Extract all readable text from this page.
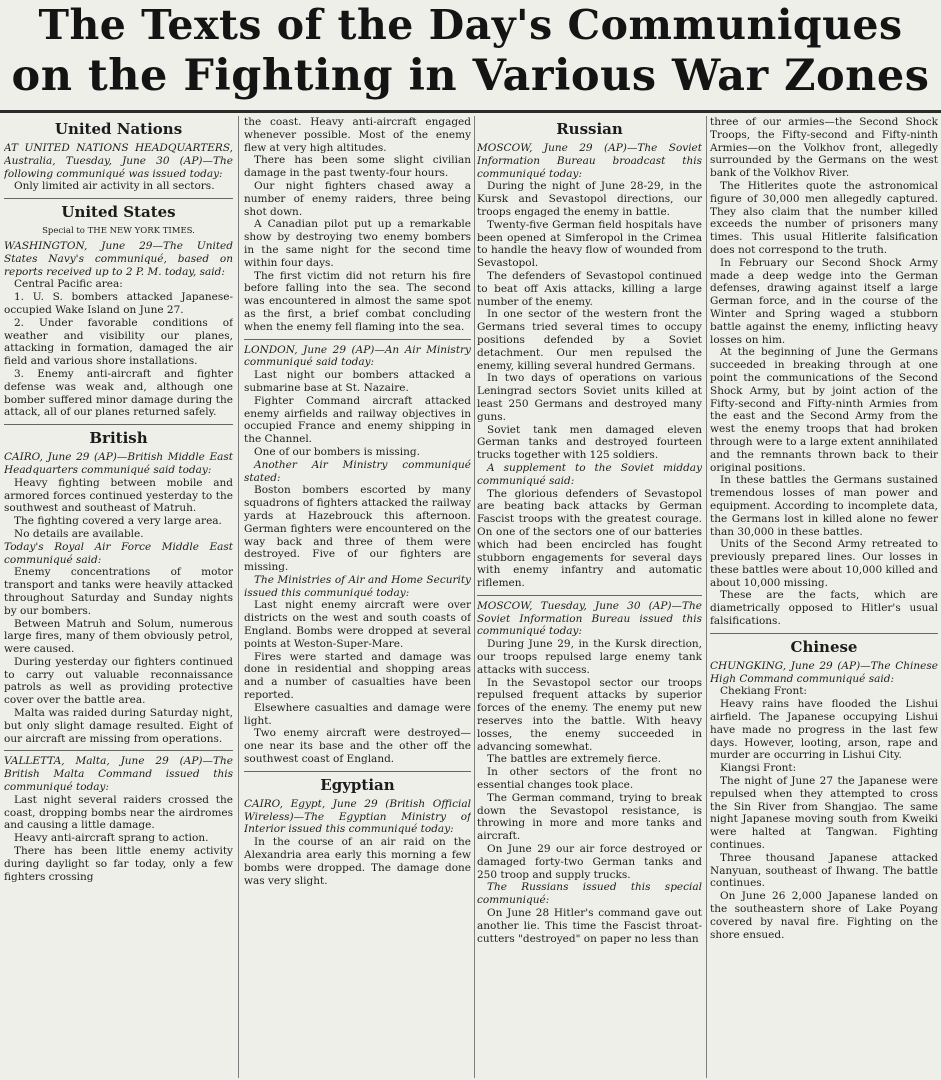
The Texts of the Day's Communiques
on the Fighting in Various War Zones
United Nations

AT UNITED NATIONS HEADQUARTERS, Australia, Tuesday, June 30 (AP)—The following communiqué was issued today:

Only limited air activity in all sectors.

United States
Special to THE NEW YORK TIMES.

WASHINGTON, June 29—The United States Navy's communiqué, based on reports received up to 2 P. M. today, said:

Central Pacific area:

1. U. S. bombers attacked Japanese-occupied Wake Island on June 27.

2. Under favorable conditions of weather and visibility our planes, attacking in formation, damaged the air field and various shore installations.

3. Enemy anti-aircraft and fighter defense was weak and, although one bomber suffered minor damage during the attack, all of our planes returned safely.

British

CAIRO, June 29 (AP)—British Middle East Headquarters communiqué said today:

Heavy fighting between mobile and armored forces continued yesterday to the southwest and southeast of Matruh.

The fighting covered a very large area.

No details are available.

Today's Royal Air Force Middle East communiqué said:

Enemy concentrations of motor transport and tanks were heavily attacked throughout Saturday and Sunday nights by our bombers.

Between Matruh and Solum, numerous large fires, many of them obviously petrol, were caused.

During yesterday our fighters continued to carry out valuable reconnaissance patrols as well as providing protective cover over the battle area.

Malta was raided during Saturday night, but only slight damage resulted. Eight of our aircraft are missing from operations.

VALLETTA, Malta, June 29 (AP)—The British Malta Command issued this communiqué today:

Last night several raiders crossed the coast, dropping bombs near the airdromes and causing a little damage.

Heavy anti-aircraft sprang to action.

There has been little enemy activity during daylight so far today, only a few fighters crossing

the coast. Heavy anti-aircraft engaged whenever possible. Most of the enemy flew at very high altitudes.

There has been some slight civilian damage in the past twenty-four hours.

Our night fighters chased away a number of enemy raiders, three being shot down.

A Canadian pilot put up a remarkable show by destroying two enemy bombers in the same night for the second time within four days.

The first victim did not return his fire before falling into the sea. The second was encountered in almost the same spot as the first, a brief combat concluding when the enemy fell flaming into the sea.

LONDON, June 29 (AP)—An Air Ministry communiqué said today:

Last night our bombers attacked a submarine base at St. Nazaire.

Fighter Command aircraft attacked enemy airfields and railway objectives in occupied France and enemy shipping in the Channel.

One of our bombers is missing.

Another Air Ministry communiqué stated:

Boston bombers escorted by many squadrons of fighters attacked the railway yards at Hazebrouck this afternoon. German fighters were encountered on the way back and three of them were destroyed. Five of our fighters are missing.

The Ministries of Air and Home Security issued this communiqué today:

Last night enemy aircraft were over districts on the west and south coasts of England. Bombs were dropped at several points at Weston-Super-Mare.

Fires were started and damage was done in residential and shopping areas and a number of casualties have been reported.

Elsewhere casualties and damage were light.

Two enemy aircraft were destroyed—one near its base and the other off the southwest coast of England.

Egyptian

CAIRO, Egypt, June 29 (British Official Wireless)—The Egyptian Ministry of Interior issued this communiqué today:

In the course of an air raid on the Alexandria area early this morning a few bombs were dropped. The damage done was very slight.

Russian

MOSCOW, June 29 (AP)—The Soviet Information Bureau broadcast this communiqué today:

During the night of June 28-29, in the Kursk and Sevastopol directions, our troops engaged the enemy in battle.

Twenty-five German field hospitals have been opened at Simferopol in the Crimea to handle the heavy flow of wounded from Sevastopol.

The defenders of Sevastopol continued to beat off Axis attacks, killing a large number of the enemy.

In one sector of the western front the Germans tried several times to occupy positions defended by a Soviet detachment. Our men repulsed the enemy, killing several hundred Germans.

In two days of operations on various Leningrad sectors Soviet units killed at least 250 Germans and destroyed many guns.

Soviet tank men damaged eleven German tanks and destroyed fourteen trucks together with 125 soldiers.

A supplement to the Soviet midday communiqué said:

The glorious defenders of Sevastopol are beating back attacks by German Fascist troops with the greatest courage. On one of the sectors one of our batteries which had been encircled has fought stubborn engagements for several days with enemy infantry and automatic riflemen.

MOSCOW, Tuesday, June 30 (AP)—The Soviet Information Bureau issued this communiqué today:

During June 29, in the Kursk direction, our troops repulsed large enemy tank attacks with success.

In the Sevastopol sector our troops repulsed frequent attacks by superior forces of the enemy. The enemy put new reserves into the battle. With heavy losses, the enemy succeeded in advancing somewhat.

The battles are extremely fierce.

In other sectors of the front no essential changes took place.

The German command, trying to break down the Sevastopol resistance, is throwing in more and more tanks and aircraft.

On June 29 our air force destroyed or damaged forty-two German tanks and 250 troop and supply trucks.

The Russians issued this special communiqué:

On June 28 Hitler's command gave out another lie. This time the Fascist throat-cutters "destroyed" on paper no less than

three of our armies—the Second Shock Troops, the Fifty-second and Fifty-ninth Armies—on the Volkhov front, allegedly surrounded by the Germans on the west bank of the Volkhov River.

The Hitlerites quote the astronomical figure of 30,000 men allegedly captured. They also claim that the number killed exceeds the number of prisoners many times. This usual Hitlerite falsification does not correspond to the truth.

In February our Second Shock Army made a deep wedge into the German defenses, drawing against itself a large German force, and in the course of the Winter and Spring waged a stubborn battle against the enemy, inflicting heavy losses on him.

At the beginning of June the Germans succeeded in breaking through at one point the communications of the Second Shock Army, but by joint action of the Fifty-second and Fifty-ninth Armies from the east and the Second Army from the west the enemy troops that had broken through were to a large extent annihilated and the remnants thrown back to their original positions.

In these battles the Germans sustained tremendous losses of man power and equipment. According to incomplete data, the Germans lost in killed alone no fewer than 30,000 in these battles.

Units of the Second Army retreated to previously prepared lines. Our losses in these battles were about 10,000 killed and about 10,000 missing.

These are the facts, which are diametrically opposed to Hitler's usual falsifications.

Chinese

CHUNGKING, June 29 (AP)—The Chinese High Command communiqué said:

Chekiang Front:

Heavy rains have flooded the Lishui airfield. The Japanese occupying Lishui have made no progress in the last few days. However, looting, arson, rape and murder are occurring in Lishui City.

Kiangsi Front:

The night of June 27 the Japanese were repulsed when they attempted to cross the Sin River from Shangjao. The same night Japanese moving south from Kweiki were halted at Tangwan. Fighting continues.

Three thousand Japanese attacked Nanyuan, southeast of Ihwang. The battle continues.

On June 26 2,000 Japanese landed on the southeastern shore of Lake Poyang covered by naval fire. Fighting on the shore ensued.
